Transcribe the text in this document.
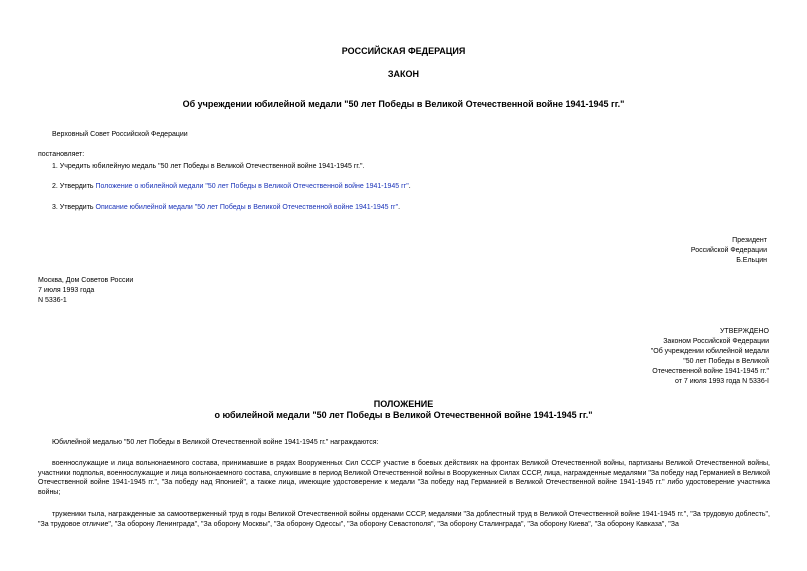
РОССИЙСКАЯ ФЕДЕРАЦИЯ
ЗАКОН
Об учреждении юбилейной медали "50 лет Победы в Великой Отечественной войне 1941-1945 гг."
Верховный Совет Российской Федерации
постановляет:
1. Учредить юбилейную медаль "50 лет Победы в Великой Отечественной войне 1941-1945 гг.".
2. Утвердить Положение о юбилейной медали "50 лет Победы в Великой Отечественной войне 1941-1945 гг".
3. Утвердить Описание юбилейной медали "50 лет Победы в Великой Отечественной войне 1941-1945 гг".
Президент
Российской Федерации
Б.Ельцин
Москва, Дом Советов России
7 июля 1993 года
N 5336-1
УТВЕРЖДЕНО
Законом Российской Федерации
"Об учреждении юбилейной медали
"50 лет Победы в Великой
Отечественной войне 1941-1945 гг."
от 7 июля 1993 года N 5336-I
ПОЛОЖЕНИЕ
о юбилейной медали "50 лет Победы в Великой Отечественной войне 1941-1945 гг."
Юбилейной медалью "50 лет Победы в Великой Отечественной войне 1941-1945 гг." награждаются:
военнослужащие и лица вольнонаемного состава, принимавшие в рядах Вооруженных Сил СССР участие в боевых действиях на фронтах Великой Отечественной войны, партизаны Великой Отечественной войны, участники подполья, военнослужащие и лица вольнонаемного состава, служившие в период Великой Отечественной войны в Вооруженных Силах СССР, лица, награжденные медалями "За победу над Германией в Великой Отечественной войне 1941-1945 гг.", "За победу над Японией", а также лица, имеющие удостоверение к медали "За победу над Германией в Великой Отечественной войне 1941-1945 гг." либо удостоверение участника войны;
труженики тыла, награжденные за самоотверженный труд в годы Великой Отечественной войны орденами СССР, медалями "За доблестный труд в Великой Отечественной войне 1941-1945 гг.", "За трудовую доблесть", "За трудовое отличие", "За оборону Ленинграда", "За оборону Москвы", "За оборону Одессы", "За оборону Севастополя", "За оборону Сталинграда", "За оборону Киева", "За оборону Кавказа", "За
